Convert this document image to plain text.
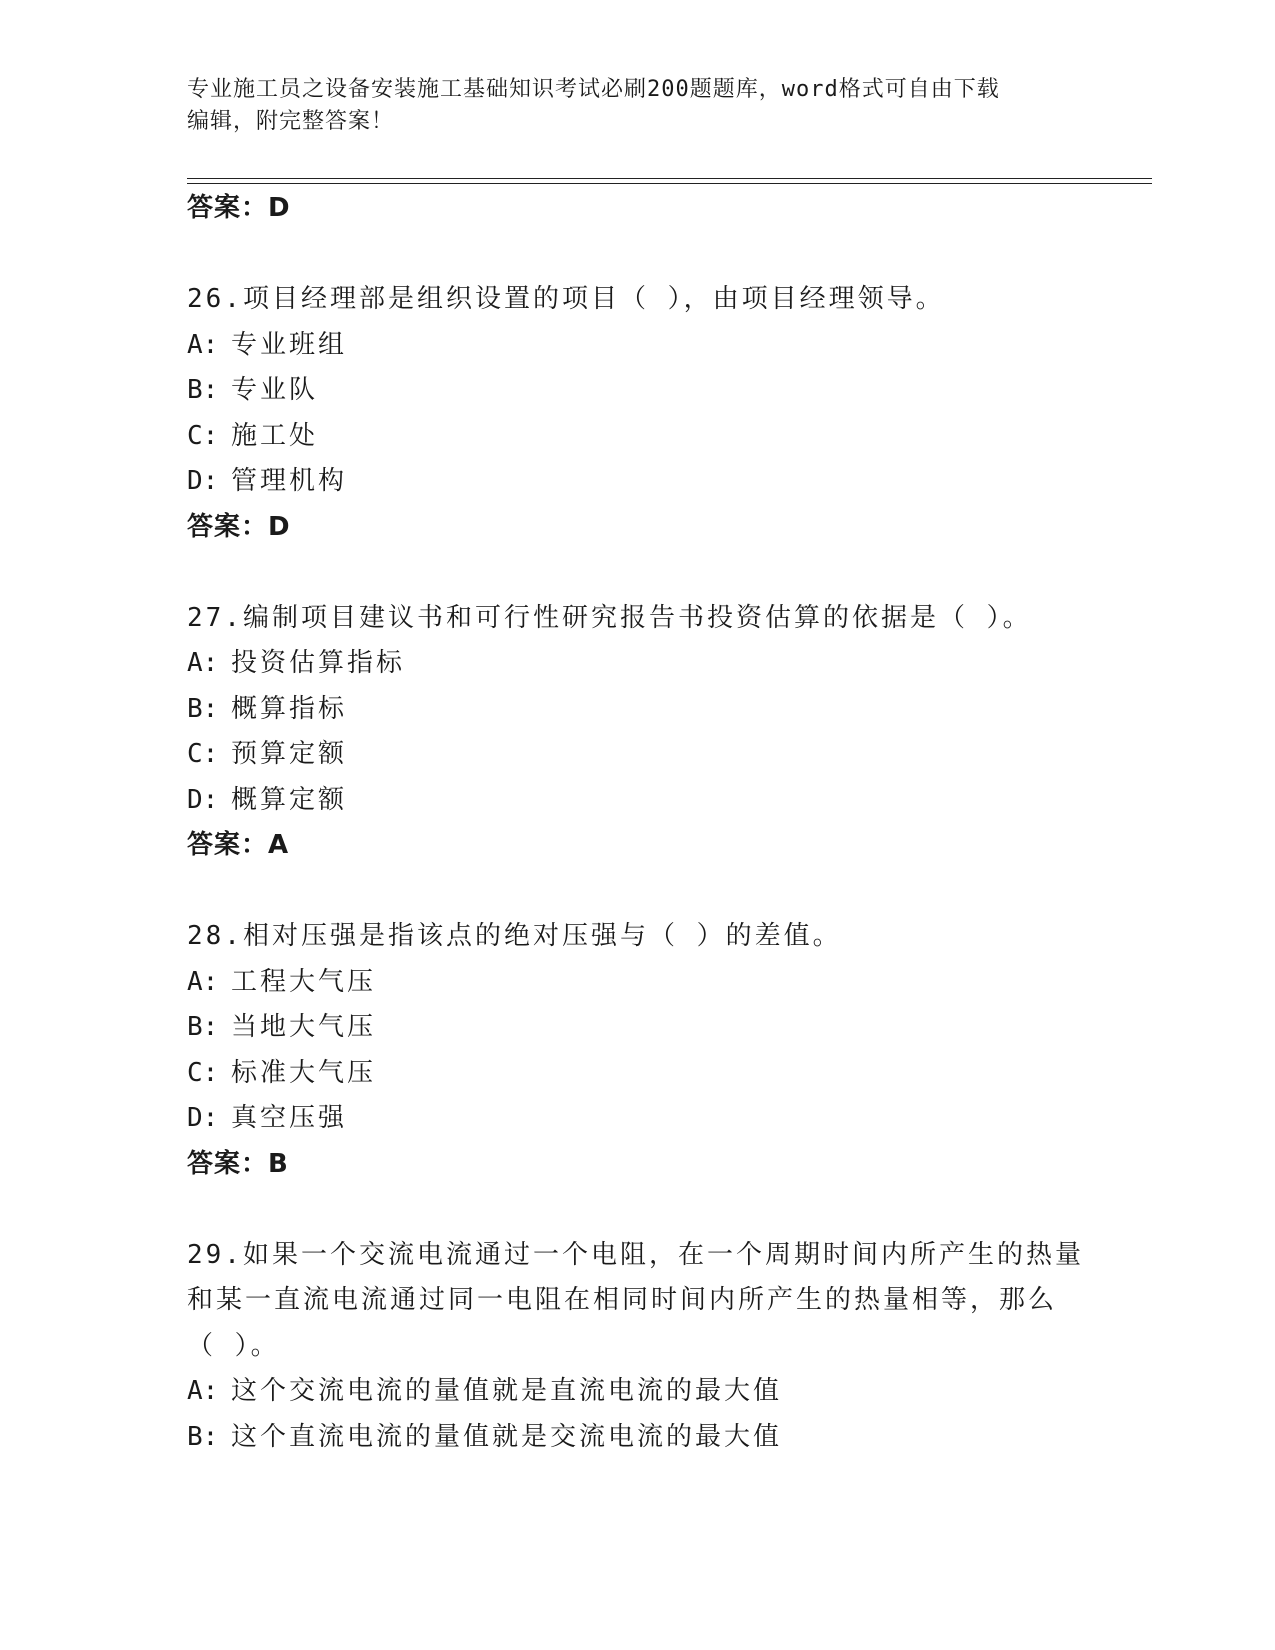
专业施工员之设备安装施工基础知识考试必刷200题题库，word格式可自由下载
编辑，附完整答案！
答案：D
26.项目经理部是组织设置的项目（ ），由项目经理领导。
A: 专业班组
B: 专业队
C: 施工处
D: 管理机构
答案：D
27.编制项目建议书和可行性研究报告书投资估算的依据是（ ）。
A: 投资估算指标
B: 概算指标
C: 预算定额
D: 概算定额
答案：A
28.相对压强是指该点的绝对压强与（ ）的差值。
A: 工程大气压
B: 当地大气压
C: 标准大气压
D: 真空压强
答案：B
29.如果一个交流电流通过一个电阻，在一个周期时间内所产生的热量
和某一直流电流通过同一电阻在相同时间内所产生的热量相等，那么
（ ）。
A: 这个交流电流的量值就是直流电流的最大值
B: 这个直流电流的量值就是交流电流的最大值
